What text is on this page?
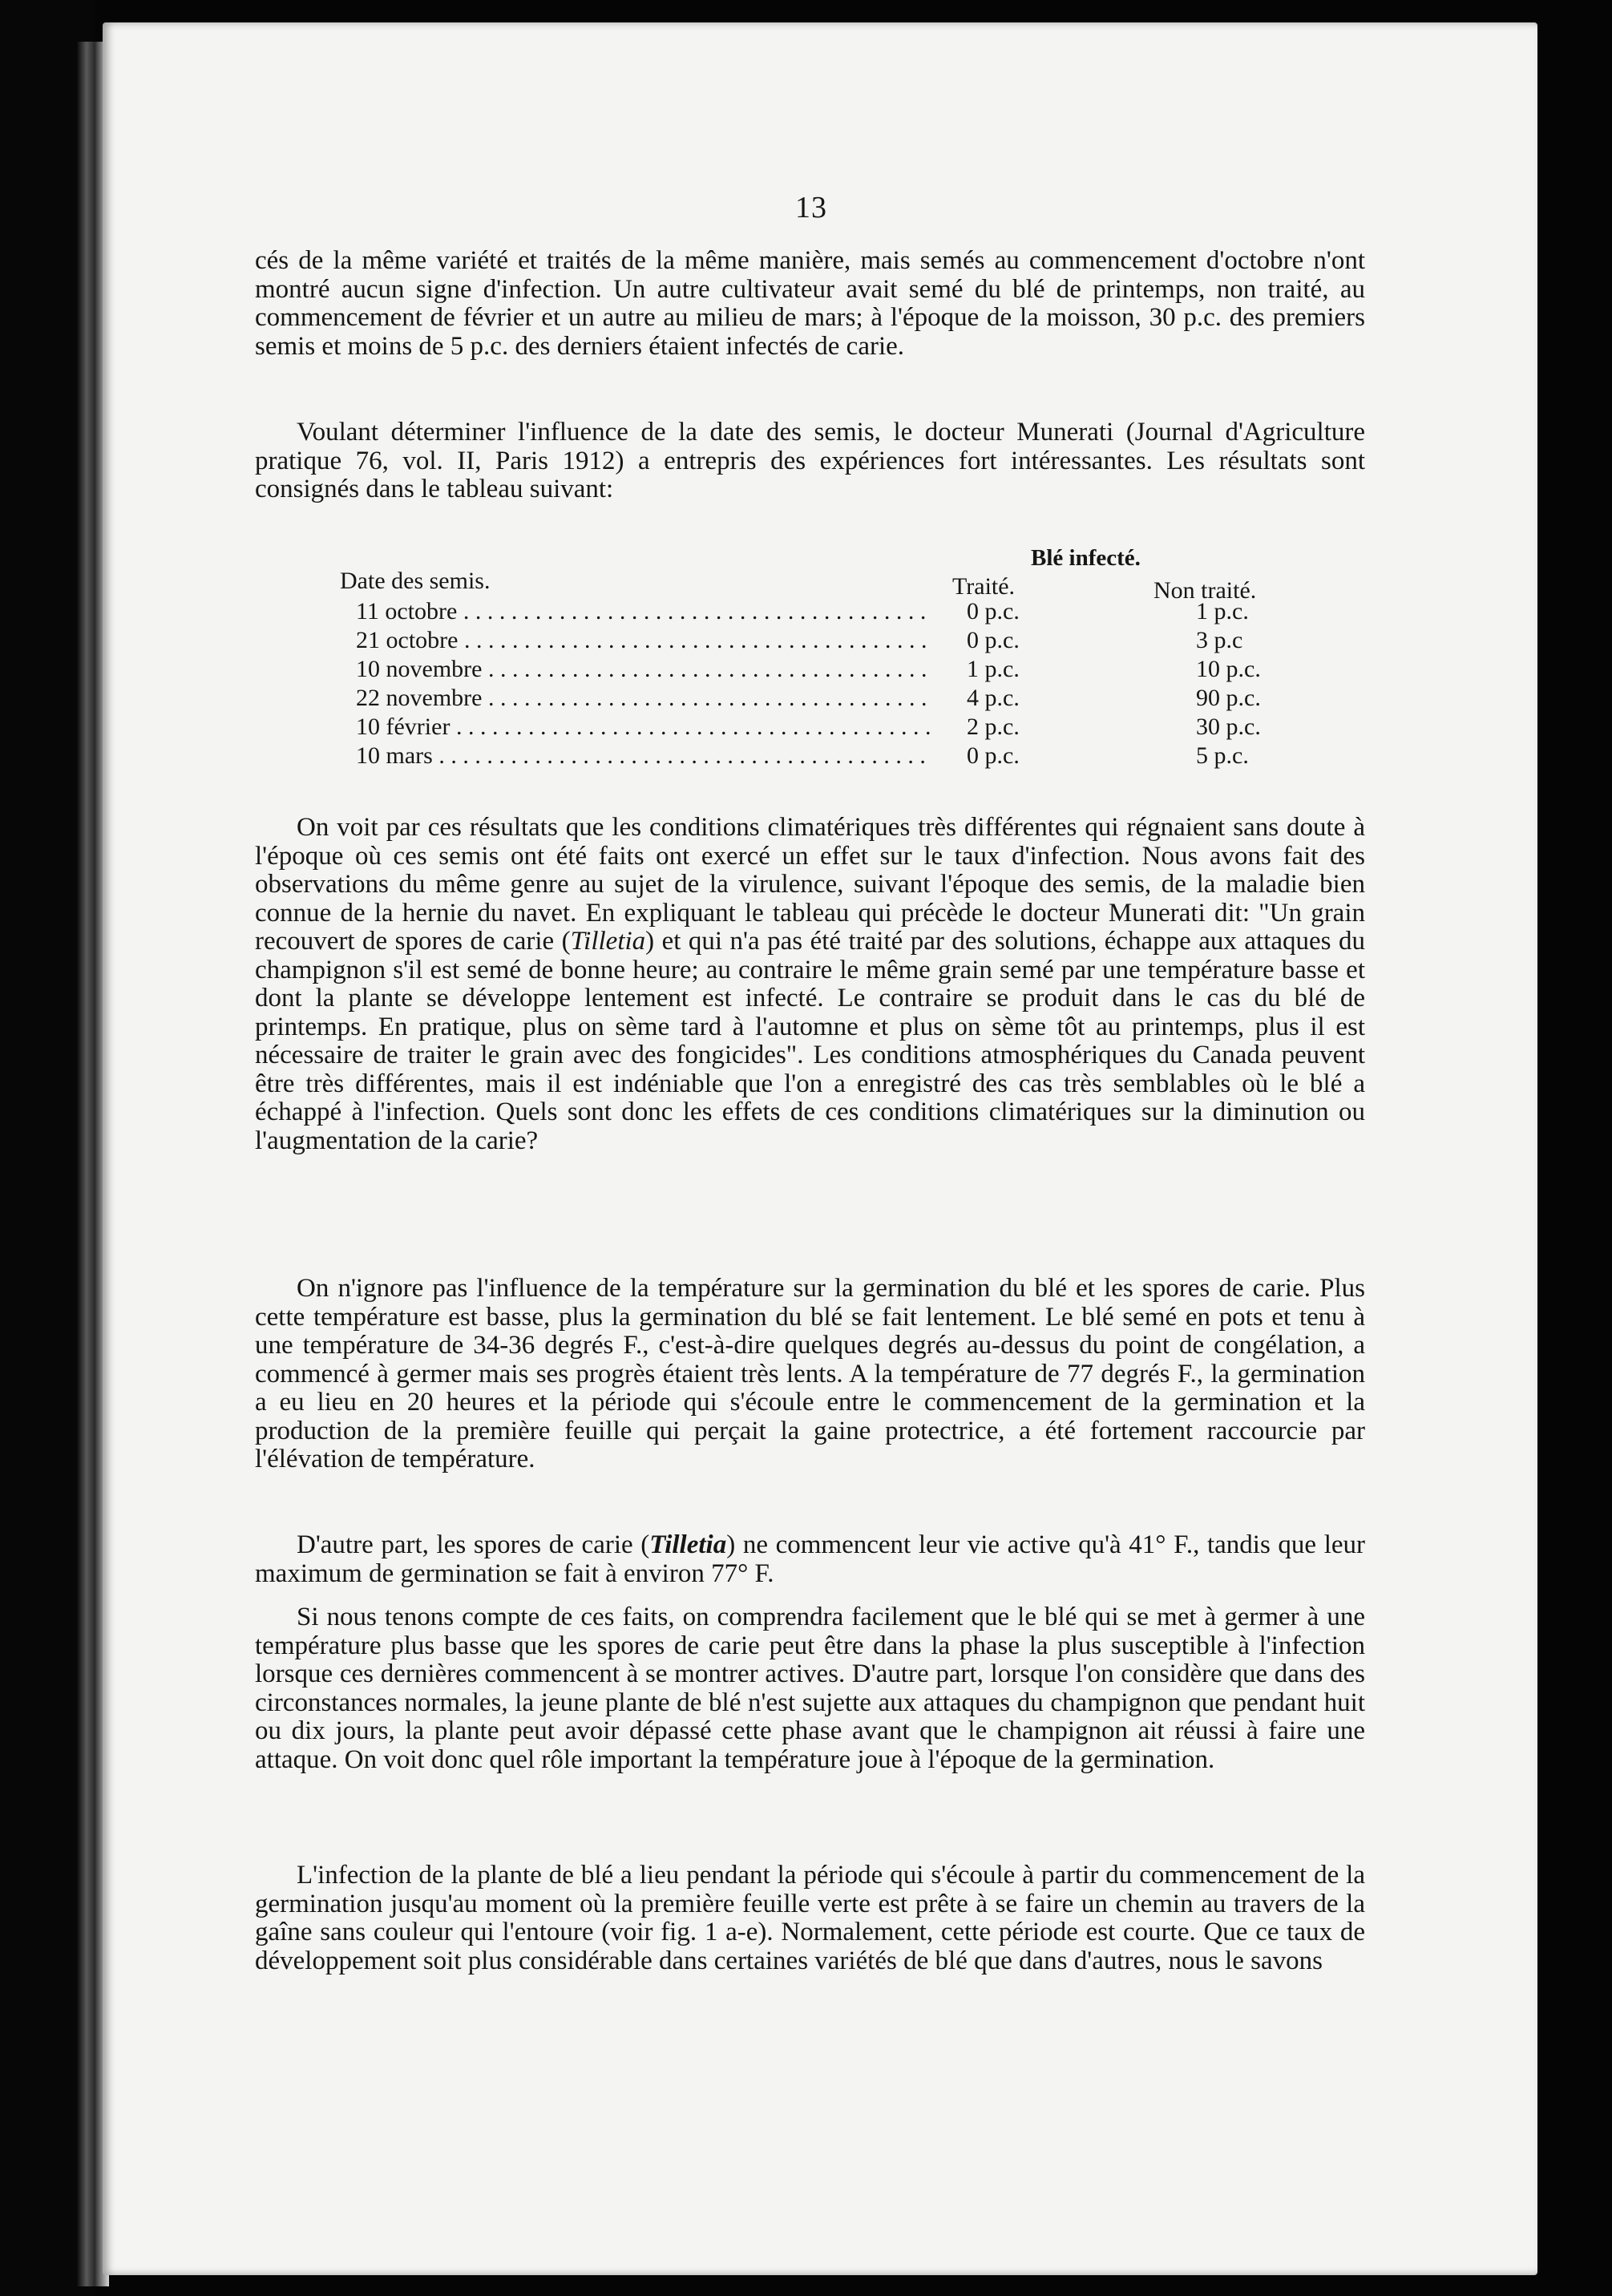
13

cés de la même variété et traités de la même manière, mais semés au commencement d'octobre n'ont montré aucun signe d'infection. Un autre cultivateur avait semé du blé de printemps, non traité, au commencement de février et un autre au milieu de mars; à l'époque de la moisson, 30 p.c. des premiers semis et moins de 5 p.c. des derniers étaient infectés de carie.

Voulant déterminer l'influence de la date des semis, le docteur Munerati (Journal d'Agriculture pratique 76, vol. II, Paris 1912) a entrepris des expériences fort intéressantes. Les résultats sont consignés dans le tableau suivant:

Blé infecté.
Date des semis.	Traité.	Non traité.
11 octobre . . .	0 p.c.	1 p.c.
21 octobre . . .	0 p.c.	3 p.c
10 novembre . . .	1 p.c.	10 p.c.
22 novembre . . .	4 p.c.	90 p.c.
10 février . . .	2 p.c.	30 p.c.
10 mars . . .	0 p.c.	5 p.c.

On voit par ces résultats que les conditions climatériques très différentes qui régnaient sans doute à l'époque où ces semis ont été faits ont exercé un effet sur le taux d'infection. Nous avons fait des observations du même genre au sujet de la virulence, suivant l'époque des semis, de la maladie bien connue de la hernie du navet. En expliquant le tableau qui précède le docteur Munerati dit: "Un grain recouvert de spores de carie (Tilletia) et qui n'a pas été traité par des solutions, échappe aux attaques du champignon s'il est semé de bonne heure; au contraire le même grain semé par une température basse et dont la plante se développe lentement est infecté. Le contraire se produit dans le cas du blé de printemps. En pratique, plus on sème tard à l'automne et plus on sème tôt au printemps, plus il est nécessaire de traiter le grain avec des fongicides". Les conditions atmosphériques du Canada peuvent être très différentes, mais il est indéniable que l'on a enregistré des cas très semblables où le blé a échappé à l'infection. Quels sont donc les effets de ces conditions climatériques sur la diminution ou l'augmentation de la carie?

On n'ignore pas l'influence de la température sur la germination du blé et les spores de carie. Plus cette température est basse, plus la germination du blé se fait lentement. Le blé semé en pots et tenu à une température de 34-36 degrés F., c'est-à-dire quelques degrés au-dessus du point de congélation, a commencé à germer mais ses progrès étaient très lents. A la température de 77 degrés F., la germination a eu lieu en 20 heures et la période qui s'écoule entre le commencement de la germination et la production de la première feuille qui perçait la gaine protectrice, a été fortement raccourcie par l'élévation de température.

D'autre part, les spores de carie (Tilletia) ne commencent leur vie active qu'à 41° F., tandis que leur maximum de germination se fait à environ 77° F.

Si nous tenons compte de ces faits, on comprendra facilement que le blé qui se met à germer à une température plus basse que les spores de carie peut être dans la phase la plus susceptible à l'infection lorsque ces dernières commencent à se montrer actives. D'autre part, lorsque l'on considère que dans des circonstances normales, la jeune plante de blé n'est sujette aux attaques du champignon que pendant huit ou dix jours, la plante peut avoir dépassé cette phase avant que le champignon ait réussi à faire une attaque. On voit donc quel rôle important la température joue à l'époque de la germination.

L'infection de la plante de blé a lieu pendant la période qui s'écoule à partir du commencement de la germination jusqu'au moment où la première feuille verte est prête à se faire un chemin au travers de la gaîne sans couleur qui l'entoure (voir fig. 1 a-e). Normalement, cette période est courte. Que ce taux de développement soit plus considérable dans certaines variétés de blé que dans d'autres, nous le savons
